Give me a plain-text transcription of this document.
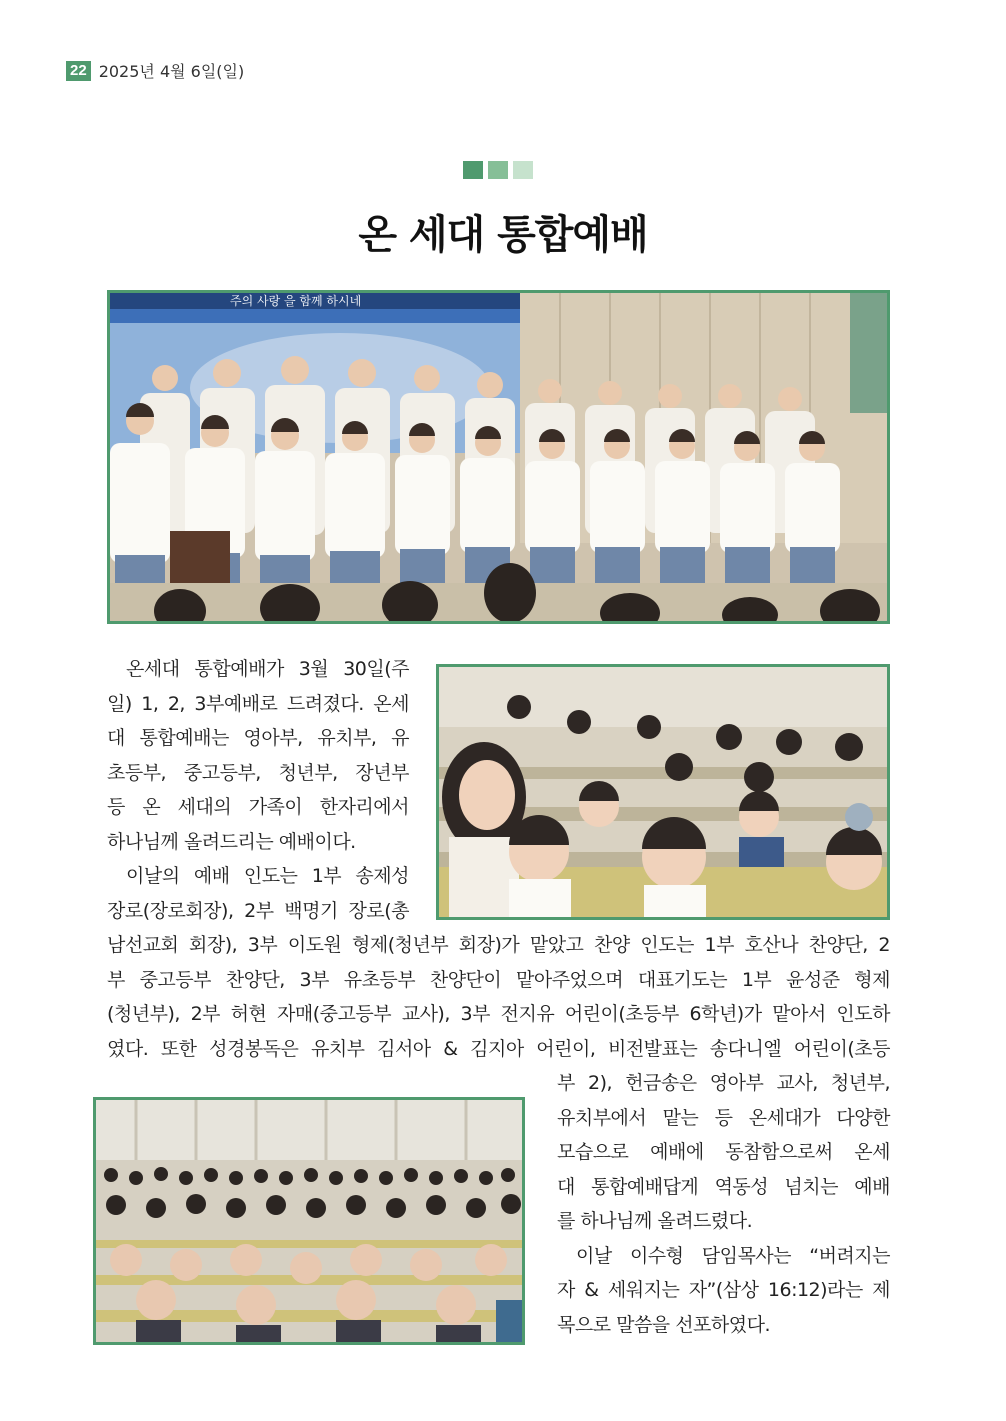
22 2025년 4월 6일(일)
온 세대 통합예배
주의 사랑 을 함께 하시네
온세대 통합예배가 3월 30일(주
일) 1, 2, 3부예배로 드려졌다. 온세
대 통합예배는 영아부, 유치부, 유
초등부, 중고등부, 청년부, 장년부
등 온 세대의 가족이 한자리에서
하나님께 올려드리는 예배이다.
이날의 예배 인도는 1부 송제성
장로(장로회장), 2부 백명기 장로(총
남선교회 회장), 3부 이도원 형제(청년부 회장)가 맡았고 찬양 인도는 1부 호산나 찬양단, 2
부 중고등부 찬양단, 3부 유초등부 찬양단이 맡아주었으며 대표기도는 1부 윤성준 형제
(청년부), 2부 허현 자매(중고등부 교사), 3부 전지유 어린이(초등부 6학년)가 맡아서 인도하
였다. 또한 성경봉독은 유치부 김서아 & 김지아 어린이, 비전발표는 송다니엘 어린이(초등
부 2), 헌금송은 영아부 교사, 청년부,
유치부에서 맡는 등 온세대가 다양한
모습으로 예배에 동참함으로써 온세
대 통합예배답게 역동성 넘치는 예배
를 하나님께 올려드렸다.
이날 이수형 담임목사는 “버려지는
자 & 세워지는 자”(삼상 16:12)라는 제
목으로 말씀을 선포하였다.
